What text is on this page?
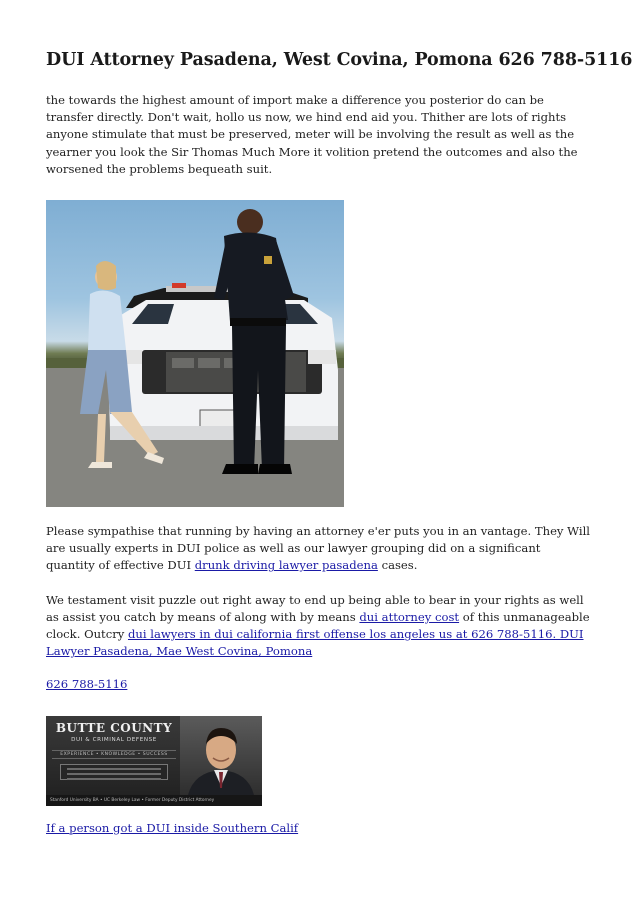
DUI Attorney Pasadena, West Covina, Pomona 626 788-5116

the towards the highest amount of import make a difference you posterior do can be transfer directly. Don't wait, hollo us now, we hind end aid you. Thither are lots of rights anyone stimulate that must be preserved, meter will be involving the result as well as the yearner you look the Sir Thomas Much More it volition pretend the outcomes and also the worsened the problems bequeath suit.

Please sympathise that running by having an attorney e'er puts you in an vantage. They Will are usually experts in DUI police as well as our lawyer grouping did on a significant quantity of effective DUI drunk driving lawyer pasadena cases.

We testament visit puzzle out right away to end up being able to bear in your rights as well as assist you catch by means of along with by means dui attorney cost of this unmanageable clock. Outcry dui lawyers in dui california first offense los angeles us at 626 788-5116. DUI Lawyer Pasadena, Mae West Covina, Pomona

626 788-5116

BUTTE COUNTY
DUI & CRIMINAL DEFENSE
EXPERIENCE • KNOWLEDGE • SUCCESS
Stanford University BA • UC Berkeley Law • Former Deputy District Attorney

If a person got a DUI inside Southern Calif
